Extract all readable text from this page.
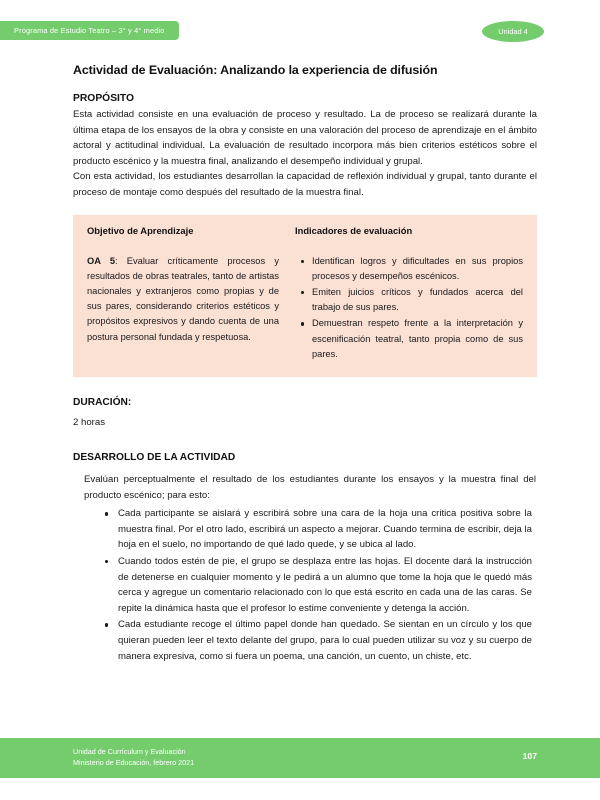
Programa de Estudio Teatro – 3° y 4° medio	Unidad 4
Actividad de Evaluación: Analizando la experiencia de difusión
PROPÓSITO

Esta actividad consiste en una evaluación de proceso y resultado. La de proceso se realizará durante la última etapa de los ensayos de la obra y consiste en una valoración del proceso de aprendizaje en el ámbito actoral y actitudinal individual. La evaluación de resultado incorpora más bien criterios estéticos sobre el producto escénico y la muestra final, analizando el desempeño individual y grupal.

Con esta actividad, los estudiantes desarrollan la capacidad de reflexión individual y grupal, tanto durante el proceso de montaje como después del resultado de la muestra final.

Objetivo de Aprendizaje

OA 5: Evaluar críticamente procesos y resultados de obras teatrales, tanto de artistas nacionales y extranjeros como propias y de sus pares, considerando criterios estéticos y propósitos expresivos y dando cuenta de una postura personal fundada y respetuosa.

Indicadores de evaluación
Identifican logros y dificultades en sus propios procesos y desempeños escénicos.
Emiten juicios críticos y fundados acerca del trabajo de sus pares.
Demuestran respeto frente a la interpretación y escenificación teatral, tanto propia como de sus pares.
DURACIÓN:
2 horas
DESARROLLO DE LA ACTIVIDAD
Evalúan perceptualmente el resultado de los estudiantes durante los ensayos y la muestra final del producto escénico; para esto:
Cada participante se aislará y escribirá sobre una cara de la hoja una critica positiva sobre la muestra final. Por el otro lado, escribirá un aspecto a mejorar. Cuando termina de escribir, deja la hoja en el suelo, no importando de qué lado quede, y se ubica al lado.
Cuando todos estén de pie, el grupo se desplaza entre las hojas. El docente dará la instrucción de detenerse en cualquier momento y le pedirá a un alumno que tome la hoja que le quedó más cerca y agregue un comentario relacionado con lo que está escrito en cada una de las caras. Se repite la dinámica hasta que el profesor lo estime conveniente y detenga la acción.
Cada estudiante recoge el último papel donde han quedado. Se sientan en un círculo y los que quieran pueden leer el texto delante del grupo, para lo cual pueden utilizar su voz y su cuerpo de manera expresiva, como si fuera un poema, una canción, un cuento, un chiste, etc.
Unidad de Currículum y Evaluación
Ministerio de Educación, febrero 2021
107
